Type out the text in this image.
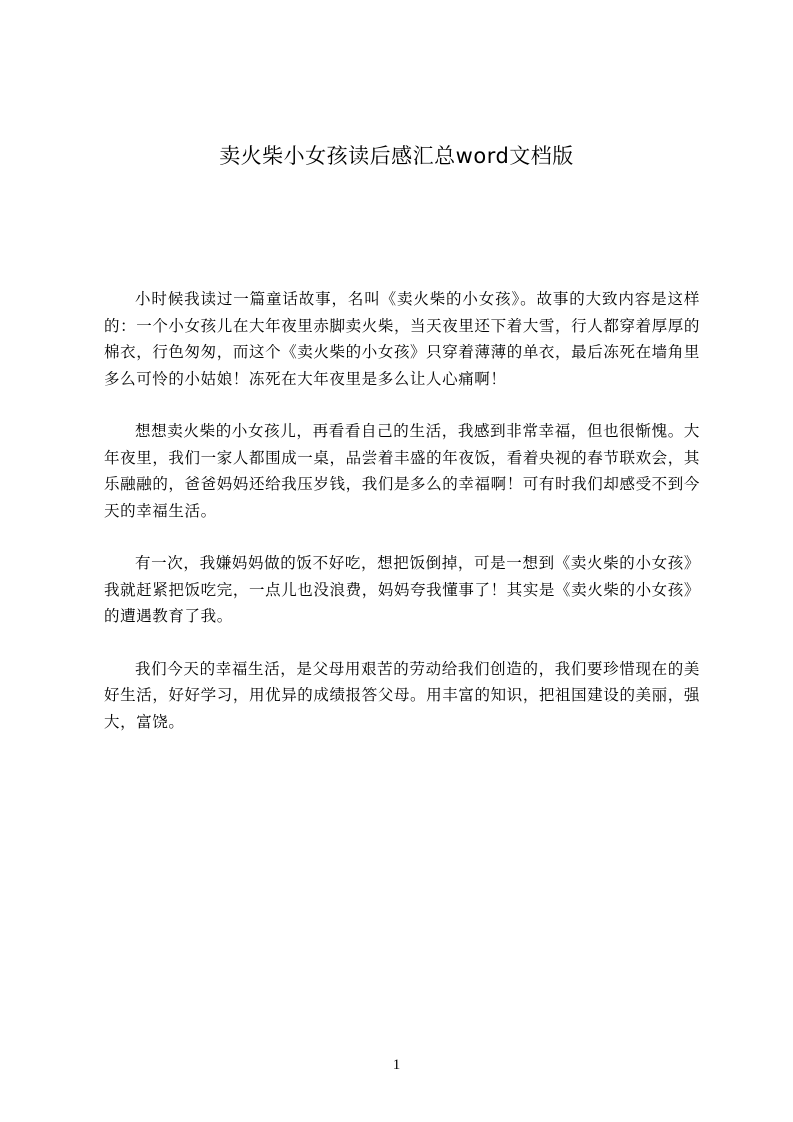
卖火柴小女孩读后感汇总word文档版

小时候我读过一篇童话故事，名叫《卖火柴的小女孩》。故事的大致内容是这样的：一个小女孩儿在大年夜里赤脚卖火柴，当天夜里还下着大雪，行人都穿着厚厚的棉衣，行色匆匆，而这个《卖火柴的小女孩》只穿着薄薄的单衣，最后冻死在墙角里多么可怜的小姑娘！冻死在大年夜里是多么让人心痛啊！

想想卖火柴的小女孩儿，再看看自己的生活，我感到非常幸福，但也很惭愧。大年夜里，我们一家人都围成一桌，品尝着丰盛的年夜饭，看着央视的春节联欢会，其乐融融的，爸爸妈妈还给我压岁钱，我们是多么的幸福啊！可有时我们却感受不到今天的幸福生活。

有一次，我嫌妈妈做的饭不好吃，想把饭倒掉，可是一想到《卖火柴的小女孩》我就赶紧把饭吃完，一点儿也没浪费，妈妈夸我懂事了！其实是《卖火柴的小女孩》的遭遇教育了我。

我们今天的幸福生活，是父母用艰苦的劳动给我们创造的，我们要珍惜现在的美好生活，好好学习，用优异的成绩报答父母。用丰富的知识，把祖国建设的美丽，强大，富饶。

1
